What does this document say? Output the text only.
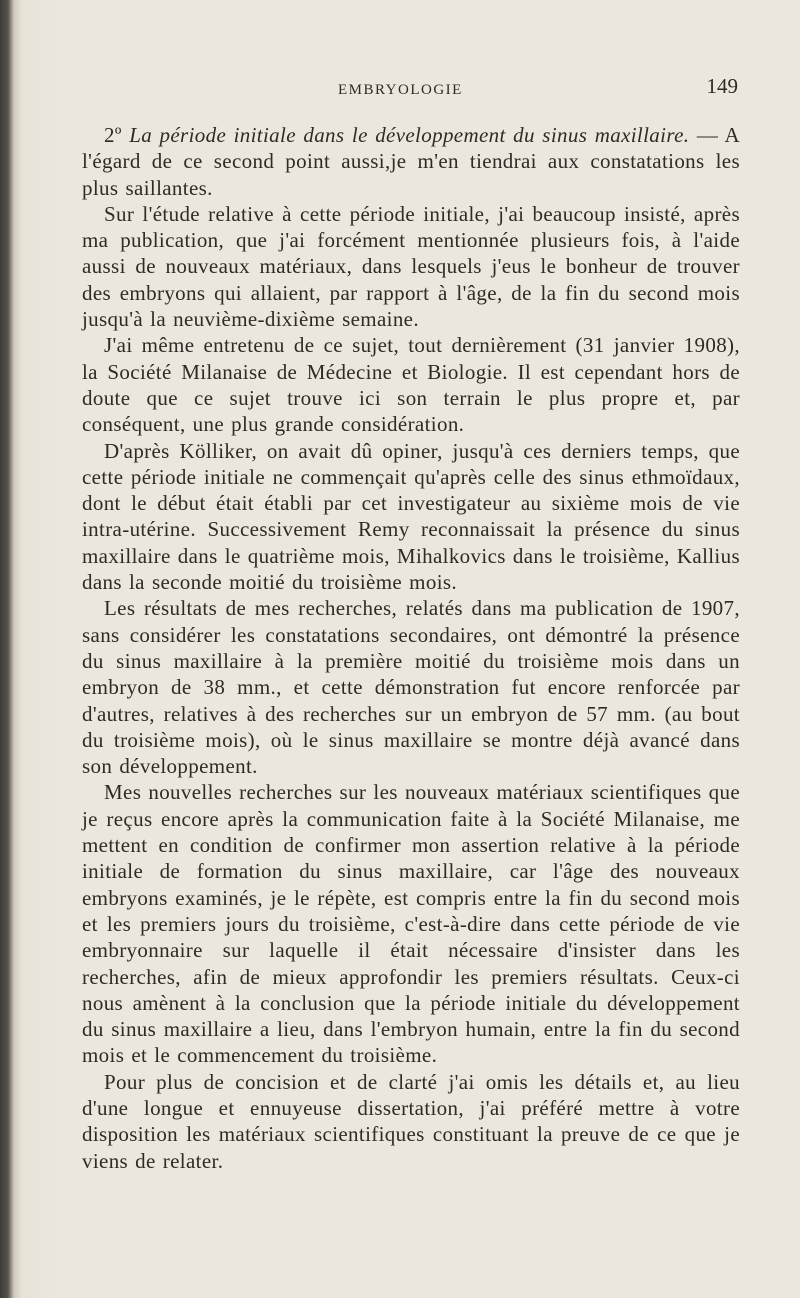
EMBRYOLOGIE	149

2º La période initiale dans le développement du sinus maxillaire. — A l'égard de ce second point aussi,je m'en tiendrai aux constatations les plus saillantes.

Sur l'étude relative à cette période initiale, j'ai beaucoup insisté, après ma publication, que j'ai forcément mentionnée plusieurs fois, à l'aide aussi de nouveaux matériaux, dans lesquels j'eus le bonheur de trouver des embryons qui allaient, par rapport à l'âge, de la fin du second mois jusqu'à la neuvième-dixième semaine.

J'ai même entretenu de ce sujet, tout dernièrement (31 janvier 1908), la Société Milanaise de Médecine et Biologie. Il est cependant hors de doute que ce sujet trouve ici son terrain le plus propre et, par conséquent, une plus grande considération.

D'après Kölliker, on avait dû opiner, jusqu'à ces derniers temps, que cette période initiale ne commençait qu'après celle des sinus ethmoïdaux, dont le début était établi par cet investigateur au sixième mois de vie intra-utérine. Successivement Remy reconnaissait la présence du sinus maxillaire dans le quatrième mois, Mihalkovics dans le troisième, Kallius dans la seconde moitié du troisième mois.

Les résultats de mes recherches, relatés dans ma publication de 1907, sans considérer les constatations secondaires, ont démontré la présence du sinus maxillaire à la première moitié du troisième mois dans un embryon de 38 mm., et cette démonstration fut encore renforcée par d'autres, relatives à des recherches sur un embryon de 57 mm. (au bout du troisième mois), où le sinus maxillaire se montre déjà avancé dans son développement.

Mes nouvelles recherches sur les nouveaux matériaux scientifiques que je reçus encore après la communication faite à la Société Milanaise, me mettent en condition de confirmer mon assertion relative à la période initiale de formation du sinus maxillaire, car l'âge des nouveaux embryons examinés, je le répète, est compris entre la fin du second mois et les premiers jours du troisième, c'est-à-dire dans cette période de vie embryonnaire sur laquelle il était nécessaire d'insister dans les recherches, afin de mieux approfondir les premiers résultats. Ceux-ci nous amènent à la conclusion que la période initiale du développement du sinus maxillaire a lieu, dans l'embryon humain, entre la fin du second mois et le commencement du troisième.

Pour plus de concision et de clarté j'ai omis les détails et, au lieu d'une longue et ennuyeuse dissertation, j'ai préféré mettre à votre disposition les matériaux scientifiques constituant la preuve de ce que je viens de relater.
